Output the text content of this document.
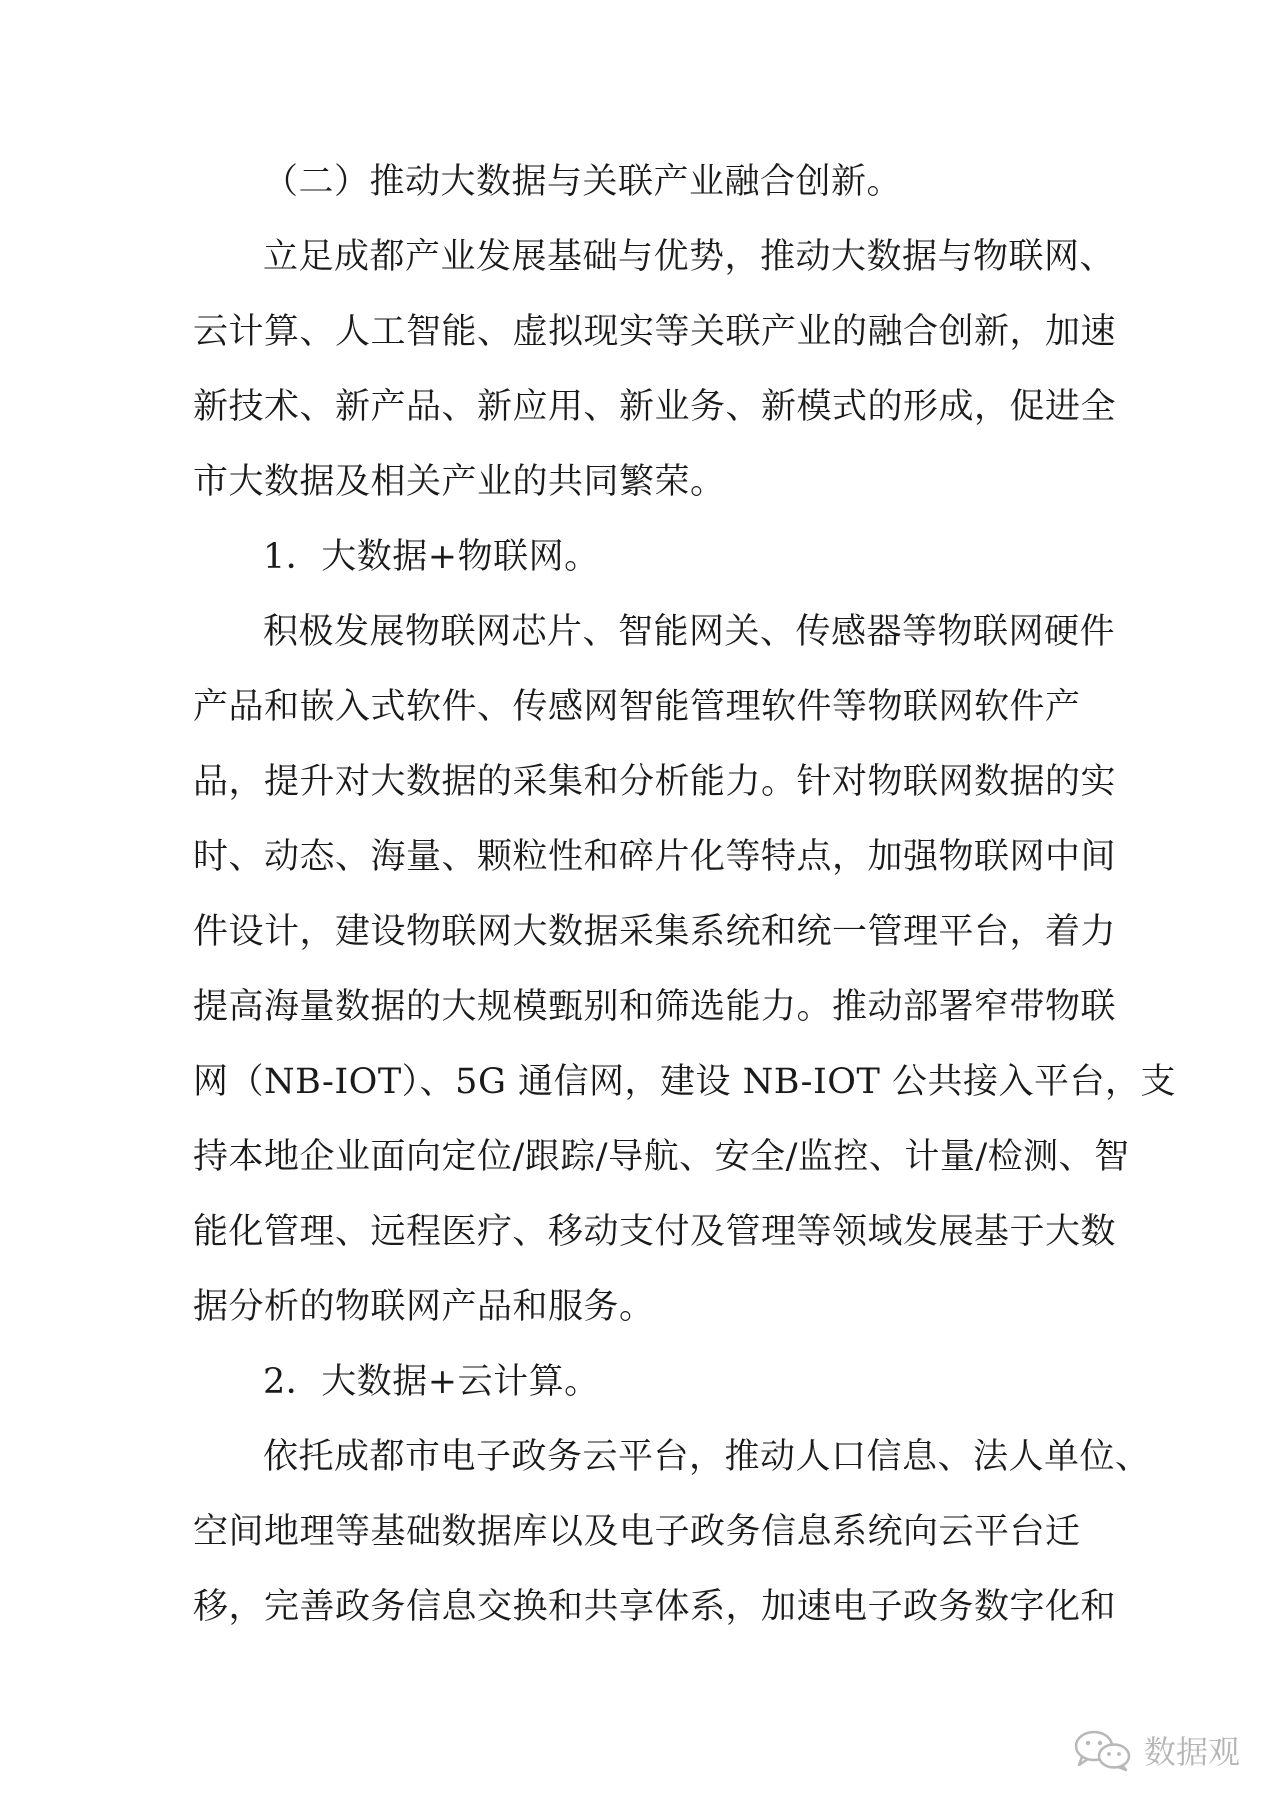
（二）推动大数据与关联产业融合创新。
立足成都产业发展基础与优势，推动大数据与物联网、
云计算、人工智能、虚拟现实等关联产业的融合创新，加速
新技术、新产品、新应用、新业务、新模式的形成，促进全
市大数据及相关产业的共同繁荣。
1．大数据+物联网。
积极发展物联网芯片、智能网关、传感器等物联网硬件
产品和嵌入式软件、传感网智能管理软件等物联网软件产
品，提升对大数据的采集和分析能力。针对物联网数据的实
时、动态、海量、颗粒性和碎片化等特点，加强物联网中间
件设计，建设物联网大数据采集系统和统一管理平台，着力
提高海量数据的大规模甄别和筛选能力。推动部署窄带物联
网（NB-IOT）、5G 通信网，建设 NB-IOT 公共接入平台，支
持本地企业面向定位/跟踪/导航、安全/监控、计量/检测、智
能化管理、远程医疗、移动支付及管理等领域发展基于大数
据分析的物联网产品和服务。
2．大数据+云计算。
依托成都市电子政务云平台，推动人口信息、法人单位、
空间地理等基础数据库以及电子政务信息系统向云平台迁
移，完善政务信息交换和共享体系，加速电子政务数字化和
数据观
